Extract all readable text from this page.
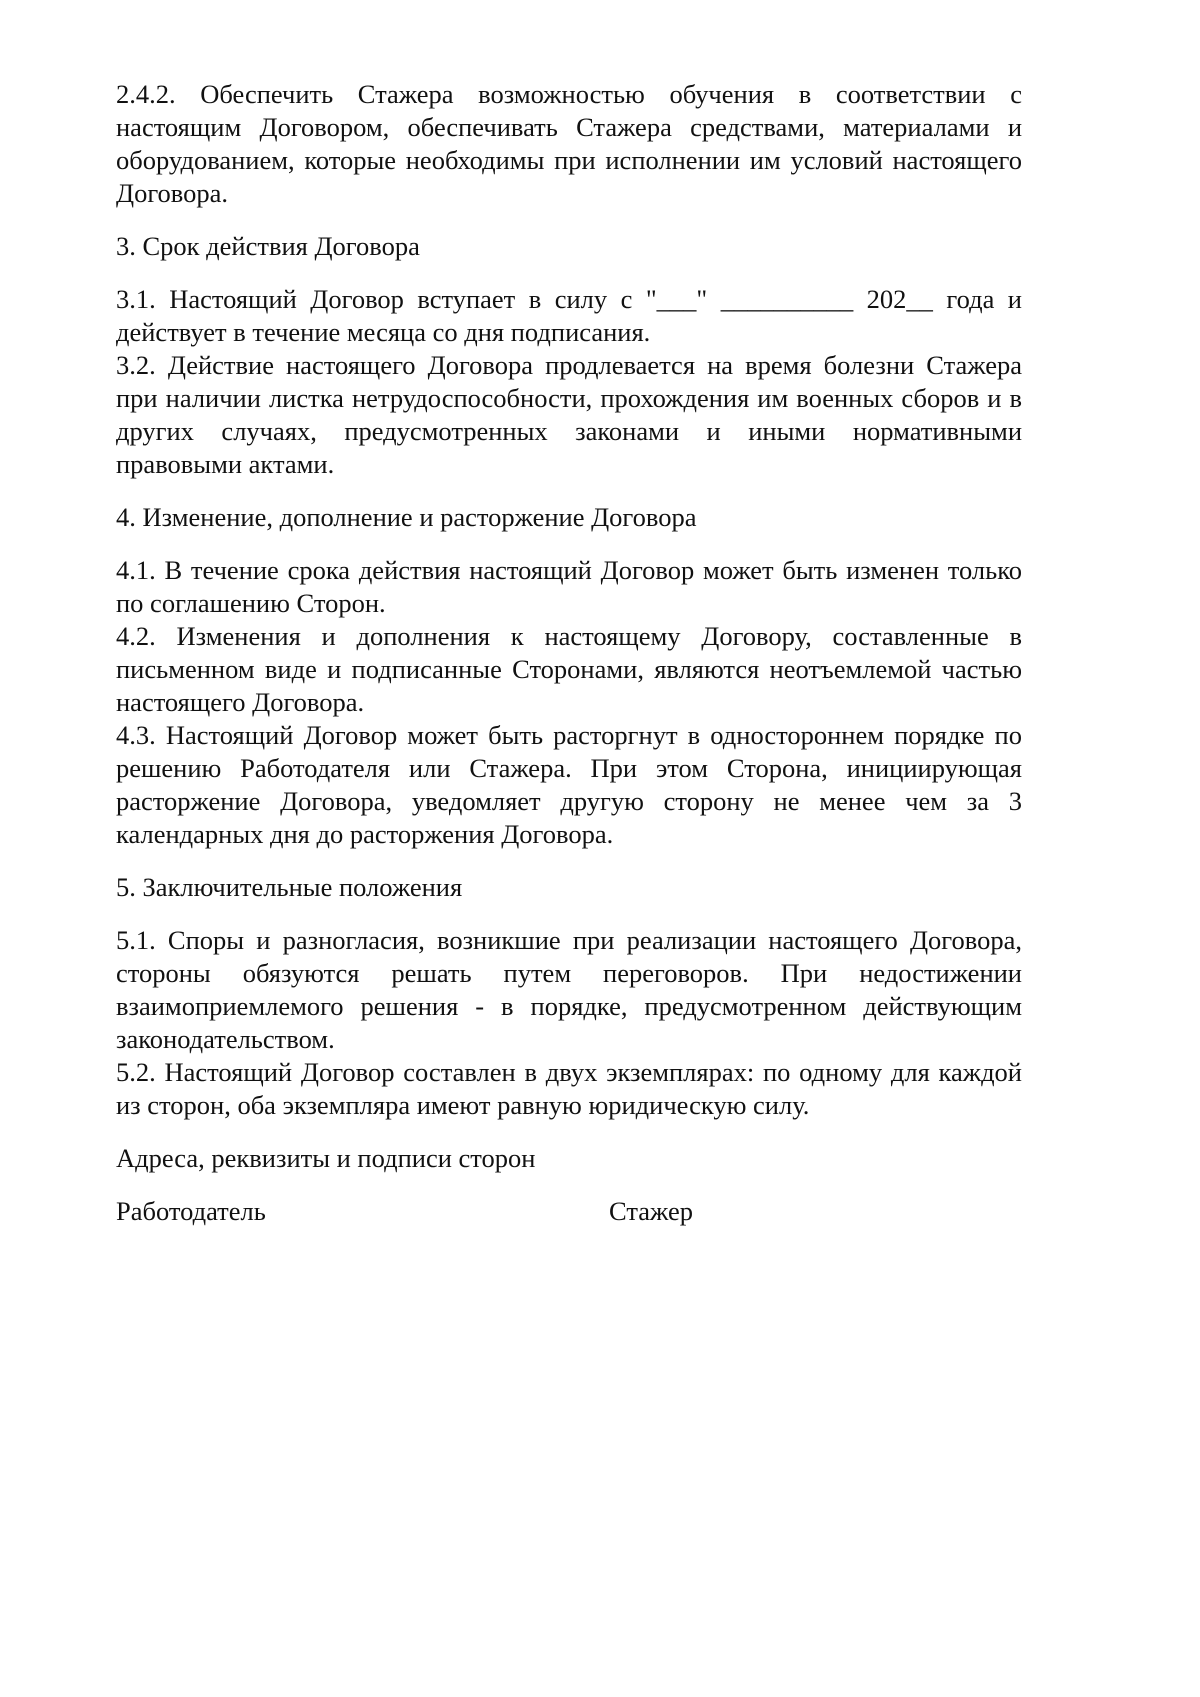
2.4.2. Обеспечить Стажера возможностью обучения в соответствии с настоящим Договором, обеспечивать Стажера средствами, материалами и оборудованием, которые необходимы при исполнении им условий настоящего Договора.

3. Срок действия Договора

3.1. Настоящий Договор вступает в силу с "___" __________ 202__ года и действует в течение месяца со дня подписания.

3.2. Действие настоящего Договора продлевается на время болезни Стажера при наличии листка нетрудоспособности, прохождения им военных сборов и в других случаях, предусмотренных законами и иными нормативными правовыми актами.

4. Изменение, дополнение и расторжение Договора

4.1. В течение срока действия настоящий Договор может быть изменен только по соглашению Сторон.

4.2. Изменения и дополнения к настоящему Договору, составленные в письменном виде и подписанные Сторонами, являются неотъемлемой частью настоящего Договора.

4.3. Настоящий Договор может быть расторгнут в одностороннем порядке по решению Работодателя или Стажера. При этом Сторона, инициирующая расторжение Договора, уведомляет другую сторону не менее чем за 3 календарных дня до расторжения Договора.

5. Заключительные положения

5.1. Споры и разногласия, возникшие при реализации настоящего Договора, стороны обязуются решать путем переговоров. При недостижении взаимоприемлемого решения - в порядке, предусмотренном действующим законодательством.

5.2. Настоящий Договор составлен в двух экземплярах: по одному для каждой из сторон, оба экземпляра имеют равную юридическую силу.

Адреса, реквизиты и подписи сторон

Работодатель	Стажер
